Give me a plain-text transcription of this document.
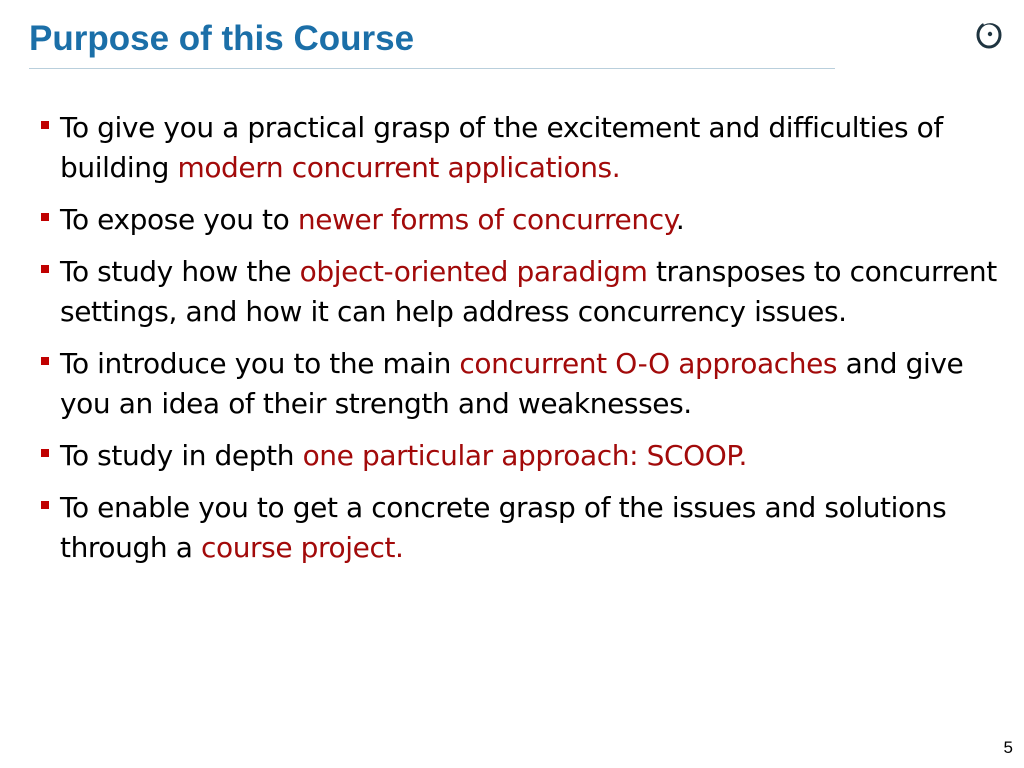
Purpose of this Course
To give you a practical grasp of the excitement and difficulties of building modern concurrent applications.
To expose you to newer forms of concurrency.
To study how the object-oriented paradigm transposes to concurrent settings, and how it can help address concurrency issues.
To introduce you to the main concurrent O-O approaches and give you an idea of their strength and weaknesses.
To study in depth one particular approach: SCOOP.
To enable you to get a concrete grasp of the issues and solutions through a course project.
5
